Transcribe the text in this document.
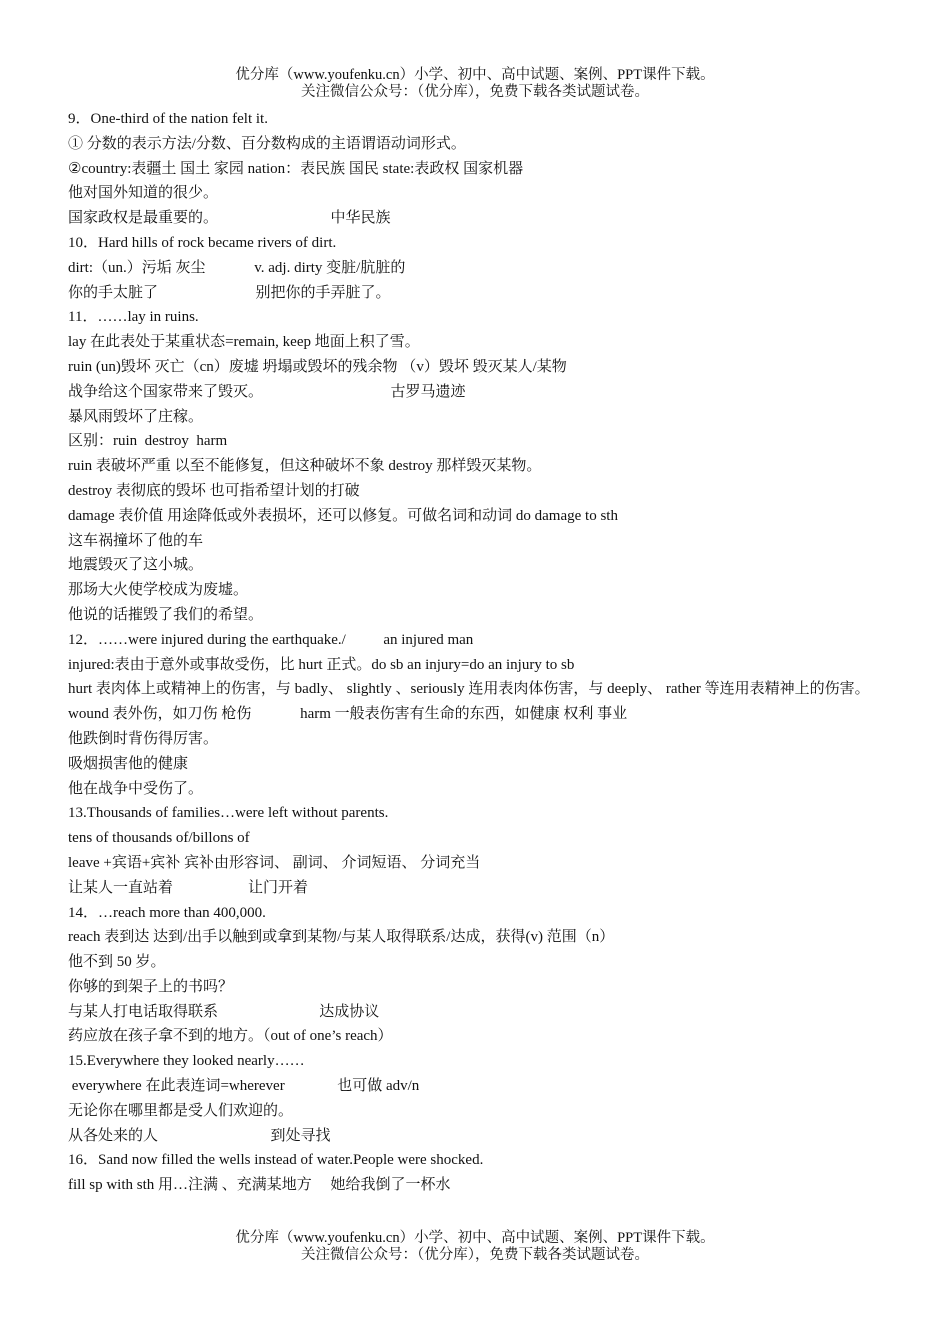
优分库（www.youfenku.cn）小学、初中、高中试题、案例、PPT课件下载。
关注微信公众号：（优分库），免费下载各类试题试卷。
9．One-third of the nation felt it.
① 分数的表示方法/分数、百分数构成的主语谓语动词形式。
②country:表疆土 国土 家园 nation：表民族 国民 state:表政权 国家机器
他对国外知道的很少。
国家政权是最重要的。                              中华民族
10．Hard hills of rock became rivers of dirt.
dirt:（un.）污垢 灰尘             v. adj. dirty 变脏/肮脏的
你的手太脏了                          别把你的手弄脏了。
11．……lay in ruins.
lay 在此表处于某重状态=remain, keep 地面上积了雪。
ruin (un)毁坏 灭亡（cn）废墟 坍塌或毁坏的残余物 （v）毁坏 毁灭某人/某物
战争给这个国家带来了毁灭。                                  古罗马遗迹
暴风雨毁坏了庄稼。
区别：ruin  destroy  harm
ruin 表破坏严重 以至不能修复，但这种破坏不象 destroy 那样毁灭某物。
destroy 表彻底的毁坏 也可指希望计划的打破
damage 表价值 用途降低或外表损坏，还可以修复。可做名词和动词 do damage to sth
这车祸撞坏了他的车
地震毁灭了这小城。
那场大火使学校成为废墟。
他说的话摧毁了我们的希望。
12．……were injured during the earthquake./          an injured man
injured:表由于意外或事故受伤，比 hurt 正式。do sb an injury=do an injury to sb
hurt 表肉体上或精神上的伤害，与 badly、 slightly 、seriously 连用表肉体伤害，与 deeply、 rather 等连用表精神上的伤害。
wound 表外伤，如刀伤 枪伤             harm 一般表伤害有生命的东西，如健康 权利 事业
他跌倒时背伤得厉害。
吸烟损害他的健康
他在战争中受伤了。
13.Thousands of families…were left without parents.
tens of thousands of/billons of
leave +宾语+宾补 宾补由形容词、 副词、 介词短语、 分词充当
让某人一直站着                    让门开着
14．…reach more than 400,000.
reach 表到达 达到/出手以触到或拿到某物/与某人取得联系/达成，获得(v) 范围（n）
他不到 50 岁。
你够的到架子上的书吗？
与某人打电话取得联系                           达成协议
药应放在孩子拿不到的地方。（out of one’s reach）
15.Everywhere they looked nearly……
everywhere 在此表连词=wherever              也可做 adv/n
无论你在哪里都是受人们欢迎的。
从各处来的人                              到处寻找
16．Sand now filled the wells instead of water.People were shocked.
fill sp with sth 用…注满 、充满某地方     她给我倒了一杯水
优分库（www.youfenku.cn）小学、初中、高中试题、案例、PPT课件下载。
关注微信公众号：（优分库），免费下载各类试题试卷。
